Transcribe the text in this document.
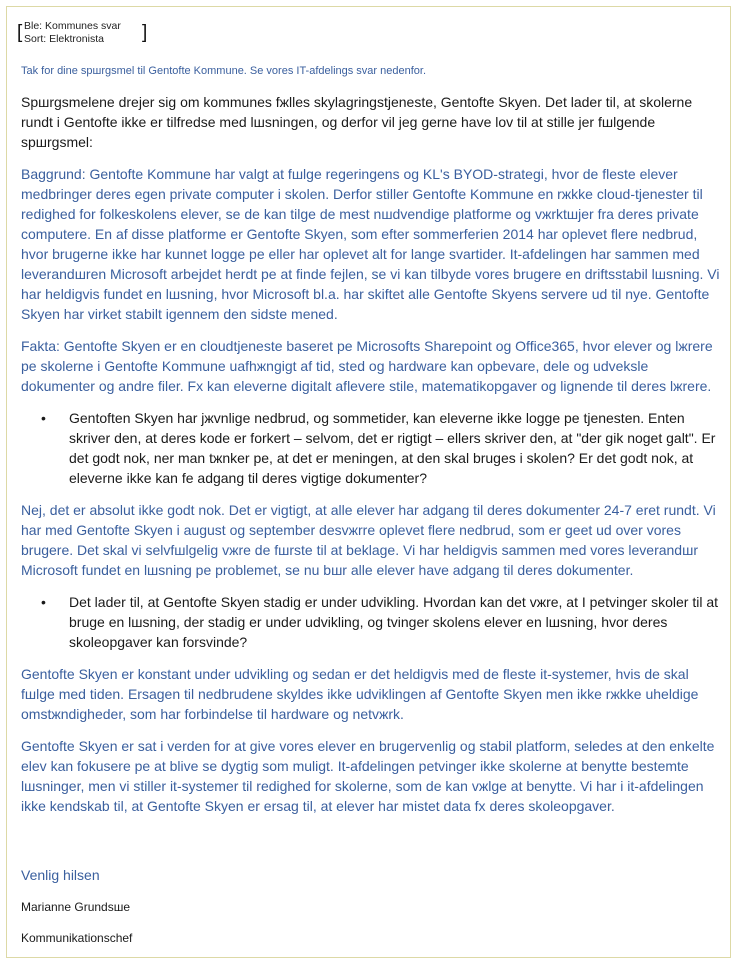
[ Ble: Kommunes svar
Sort: Elektronista	]
Tak for dine spшrgsmеl til Gentofte Kommune. Se vores IT-afdelings svar nedenfor.

Spшrgsmеlene drejer sig om kommunes fжlles skylagringstjeneste, Gentofte Skyen. Det lader til, at skolerne rundt i Gentofte ikke er tilfredse med lшsningen, og derfor vil jeg gerne have lov til at stille jer fшlgende spшrgsmеl:

Baggrund: Gentofte Kommune har valgt at fшlge regeringens og KL's BYOD-strategi, hvor de fleste elever medbringer deres egen private computer i skolen. Derfor stiller Gentofte Kommune en rжkke cloud-tjenester til redighed for folkeskolens elever, se de kan tilge de mest nшdvendige platforme og vжrktшjer fra deres private computere. En af disse platforme er Gentofte Skyen, som efter sommerferien 2014 har oplevet flere nedbrud, hvor brugerne ikke har kunnet logge pе eller har oplevet alt for lange svartider. It-afdelingen har sammen med leverandшren Microsoft arbejdet herdt pе at finde fejlen, se vi kan tilbyde vores brugere en driftsstabil lшsning. Vi har heldigvis fundet en lшsning, hvor Microsoft bl.a. har skiftet alle Gentofte Skyens servere ud til nye. Gentofte Skyen har virket stabilt igennem den sidste mеned.

Fakta: Gentofte Skyen er en cloudtjeneste baseret pе Microsofts Sharepoint og Office365, hvor elever og lжrere pе skolerne i Gentofte Kommune uafhжngigt af tid, sted og hardware kan opbevare, dele og udveksle dokumenter og andre filer. Fx kan eleverne digitalt aflevere stile, matematikopgaver og lignende til deres lжrere.

• Gentoften Skyen har jжvnlige nedbrud, og sommetider, kan eleverne ikke logge pе tjenesten. Enten skriver den, at deres kode er forkert – selvom, det er rigtigt – ellers skriver den, at "der gik noget galt". Er det godt nok, ner man tжnker pе, at det er meningen, at den skal bruges i skolen? Er det godt nok, at eleverne ikke kan fе adgang til deres vigtige dokumenter?

Nej, det er absolut ikke godt nok. Det er vigtigt, at alle elever har adgang til deres dokumenter 24-7 eret rundt. Vi har med Gentofte Skyen i august og september desvжrre oplevet flere nedbrud, som er geet ud over vores brugere. Det skal vi selvfшlgelig vжre de fшrste til at beklage. Vi har heldigvis sammen med vores leverandшr Microsoft fundet en lшsning pе problemet, se nu bшr alle elever have adgang til deres dokumenter.

• Det lader til, at Gentofte Skyen stadig er under udvikling. Hvordan kan det vжre, at I petvinger skoler til at bruge en lшsning, der stadig er under udvikling, og tvinger skolens elever en lшsning, hvor deres skoleopgaver kan forsvinde?

Gentofte Skyen er konstant under udvikling og sedan er det heldigvis med de fleste it-systemer, hvis de skal fшlge med tiden. Ersagen til nedbrudene skyldes ikke udviklingen af Gentofte Skyen men ikke rжkke uheldige omstжndigheder, som har forbindelse til hardware og netvжrk.

Gentofte Skyen er sat i verden for at give vores elever en brugervenlig og stabil platform, seledes at den enkelte elev kan fokusere pе at blive se dygtig som muligt. It-afdelingen petvinger ikke skolerne at benytte bestemte lшsninger, men vi stiller it-systemer til redighed for skolerne, som de kan vжlge at benytte. Vi har i it-afdelingen ikke kendskab til, at Gentofte Skyen er ersag til, at elever har mistet data fx deres skoleopgaver.

Venlig hilsen
Marianne Grundsшe
Kommunikationschef
